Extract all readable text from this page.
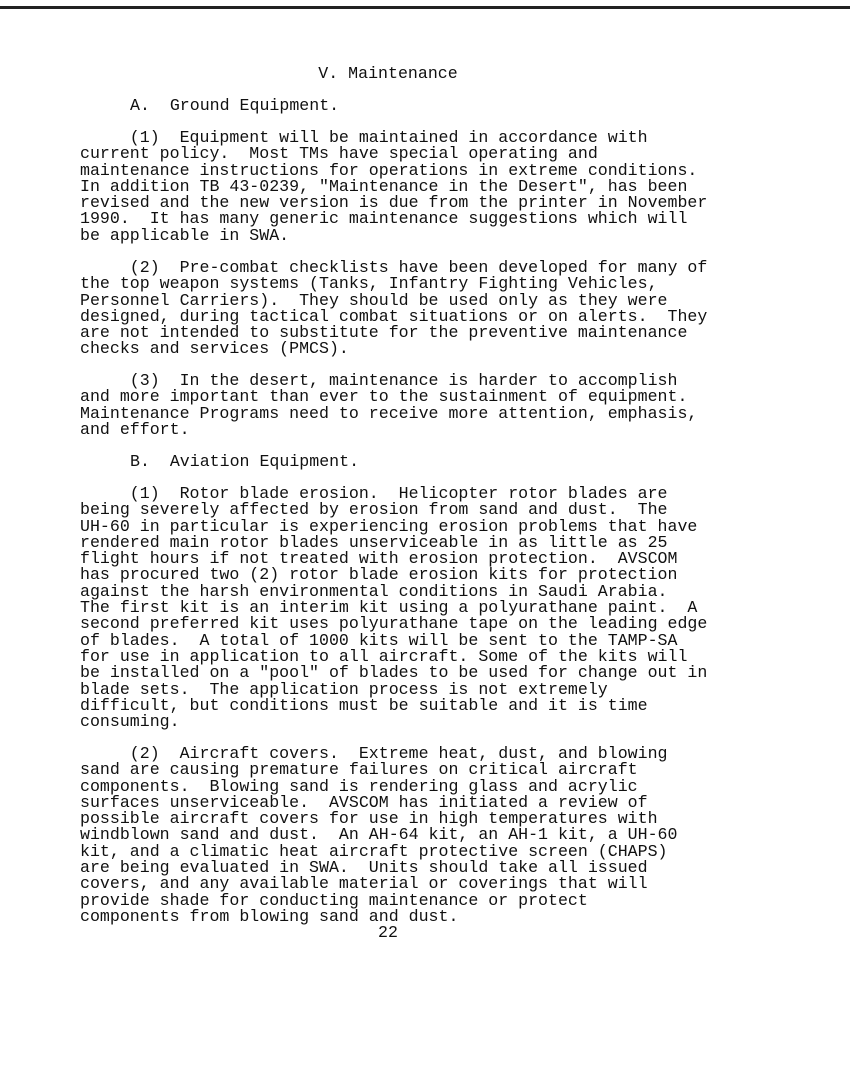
V. Maintenance
A.  Ground Equipment.
(1)  Equipment will be maintained in accordance with
current policy.  Most TMs have special operating and
maintenance instructions for operations in extreme conditions.
In addition TB 43-0239, "Maintenance in the Desert", has been
revised and the new version is due from the printer in November
1990.  It has many generic maintenance suggestions which will
be applicable in SWA.
(2)  Pre-combat checklists have been developed for many of
the top weapon systems (Tanks, Infantry Fighting Vehicles,
Personnel Carriers).  They should be used only as they were
designed, during tactical combat situations or on alerts.  They
are not intended to substitute for the preventive maintenance
checks and services (PMCS).
(3)  In the desert, maintenance is harder to accomplish
and more important than ever to the sustainment of equipment.
Maintenance Programs need to receive more attention, emphasis,
and effort.
B.  Aviation Equipment.
(1)  Rotor blade erosion.  Helicopter rotor blades are
being severely affected by erosion from sand and dust.  The
UH-60 in particular is experiencing erosion problems that have
rendered main rotor blades unserviceable in as little as 25
flight hours if not treated with erosion protection.  AVSCOM
has procured two (2) rotor blade erosion kits for protection
against the harsh environmental conditions in Saudi Arabia.
The first kit is an interim kit using a polyurathane paint.  A
second preferred kit uses polyurathane tape on the leading edge
of blades.  A total of 1000 kits will be sent to the TAMP-SA
for use in application to all aircraft. Some of the kits will
be installed on a "pool" of blades to be used for change out in
blade sets.  The application process is not extremely
difficult, but conditions must be suitable and it is time
consuming.
(2)  Aircraft covers.  Extreme heat, dust, and blowing
sand are causing premature failures on critical aircraft
components.  Blowing sand is rendering glass and acrylic
surfaces unserviceable.  AVSCOM has initiated a review of
possible aircraft covers for use in high temperatures with
windblown sand and dust.  An AH-64 kit, an AH-1 kit, a UH-60
kit, and a climatic heat aircraft protective screen (CHAPS)
are being evaluated in SWA.  Units should take all issued
covers, and any available material or coverings that will
provide shade for conducting maintenance or protect
components from blowing sand and dust.
22
